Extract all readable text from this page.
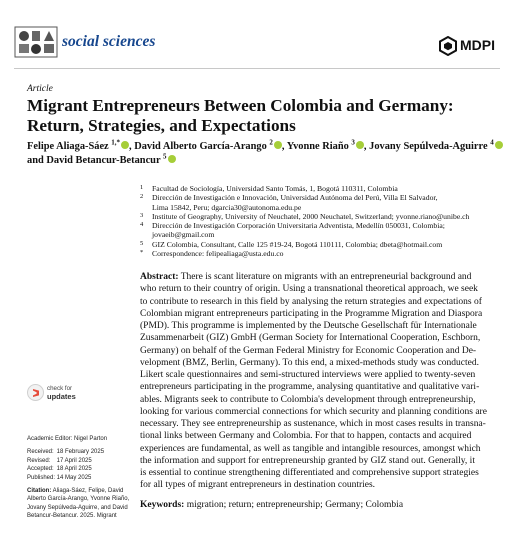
social sciences	MDPI
Article
Migrant Entrepreneurs Between Colombia and Germany:
Return, Strategies, and Expectations
Felipe Aliaga-Sáez $^{1,*}$ , David Alberto García-Arango $^2$ , Yvonne Riaño $^3$ , Jovany Sepúlveda-Aguirre $^4$
and David Betancur-Betancur $^5$
1 Facultad de Sociología, Universidad Santo Tomás, 1, Bogotá 110311, Colombia
2 Dirección de Investigación e Innovación, Universidad Autónoma del Perú, Villa El Salvador,
Lima 15842, Peru; dgarcia30@autonoma.edu.pe
3 Institute of Geography, University of Neuchatel, 2000 Neuchatel, Switzerland; yvonne.riano@unibe.ch
4 Dirección de Investigación Corporación Universitaria Adventista, Medellín 050031, Colombia;
jovaeib@gmail.com
5 GIZ Colombia, Consultant, Calle 125 #19-24, Bogotá 110111, Colombia; dbeta@hotmail.com
* Correspondence: felipealiaga@usta.edu.co
Abstract: There is scant literature on migrants with an entrepreneurial background and
who return to their country of origin. Using a transnational theoretical approach, we seek
to contribute to research in this field by analysing the return strategies and expectations of
Colombian migrant entrepreneurs participating in the Programme Migration and Diaspora
(PMD). This programme is implemented by the Deutsche Gesellschaft für Internationale
Zusammenarbeit (GIZ) GmbH (German Society for International Cooperation, Eschborn,
Germany) on behalf of the German Federal Ministry for Economic Cooperation and De-
velopment (BMZ, Berlin, Germany). To this end, a mixed-methods study was conducted.
Likert scale questionnaires and semi-structured interviews were applied to twenty-seven
entrepreneurs participating in the programme, analysing quantitative and qualitative vari-
ables. Migrants seek to contribute to Colombia's development through entrepreneurship,
looking for various commercial connections for which security and planning conditions are
necessary. They see entrepreneurship as sustenance, which in most cases results in transna-
tional links between Germany and Colombia. For that to happen, contacts and acquired
experiences are fundamental, as well as tangible and intangible resources, amongst which
the information and support for entrepreneurship granted by GIZ stand out. Generally, it
is essential to continue strengthening differentiated and comprehensive support strategies
for all types of migrant entrepreneurs in destination countries.
Keywords: migration; return; entrepreneurship; Germany; Colombia
check for
updates
Academic Editor: Nigel Parton
Received: 18 February 2025
Revised: 17 April 2025
Accepted: 18 April 2025
Published: 14 May 2025
Citation: Aliaga-Sáez, Felipe, David
Alberto García-Arango, Yvonne Riaño,
Jovany Sepúlveda-Aguirre, and David
Betancur-Betancur. 2025. Migrant
